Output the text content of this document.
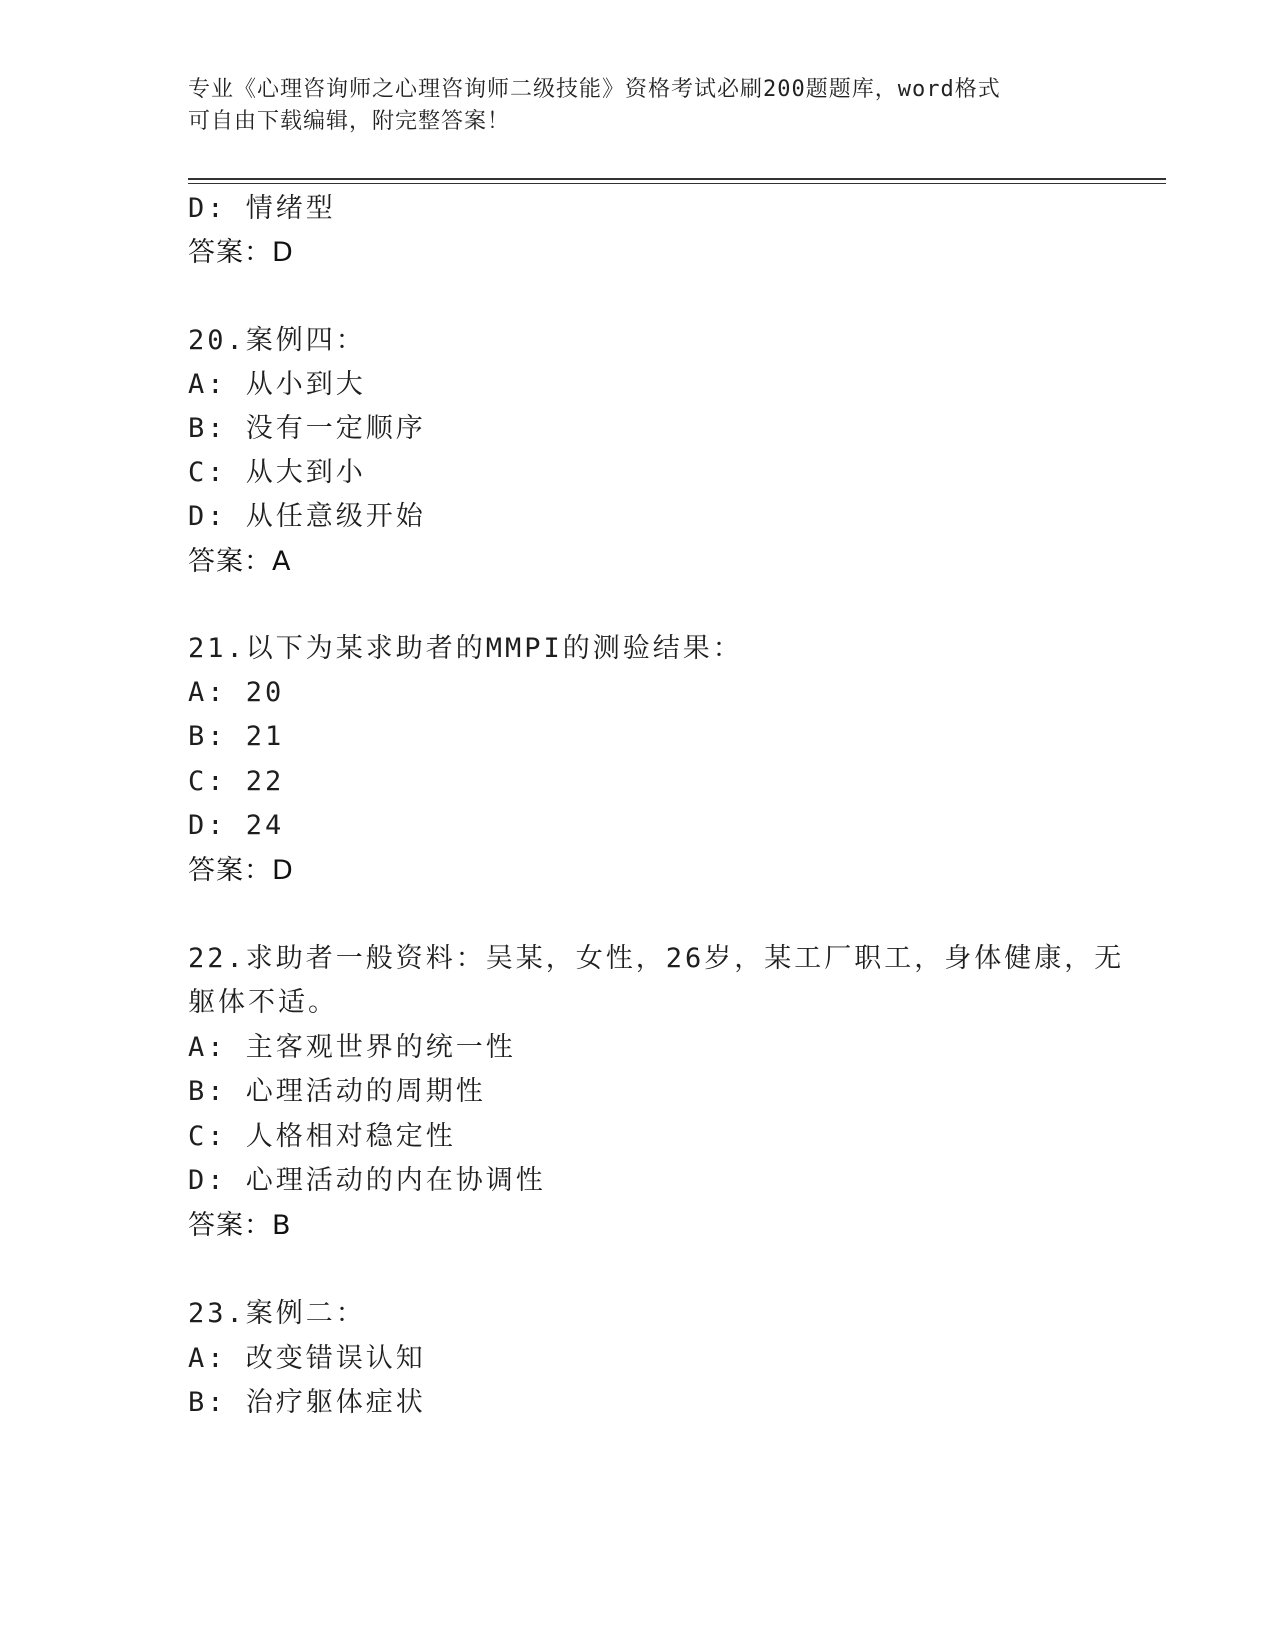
专业《心理咨询师之心理咨询师二级技能》资格考试必刷200题题库，word格式
可自由下载编辑，附完整答案！
D: 情绪型
答案：D
20.案例四：
A: 从小到大
B: 没有一定顺序
C: 从大到小
D: 从任意级开始
答案：A
21.以下为某求助者的MMPI的测验结果：
A: 20
B: 21
C: 22
D: 24
答案：D
22.求助者一般资料：吴某，女性，26岁，某工厂职工，身体健康，无
躯体不适。
A: 主客观世界的统一性
B: 心理活动的周期性
C: 人格相对稳定性
D: 心理活动的内在协调性
答案：B
23.案例二：
A: 改变错误认知
B: 治疗躯体症状
